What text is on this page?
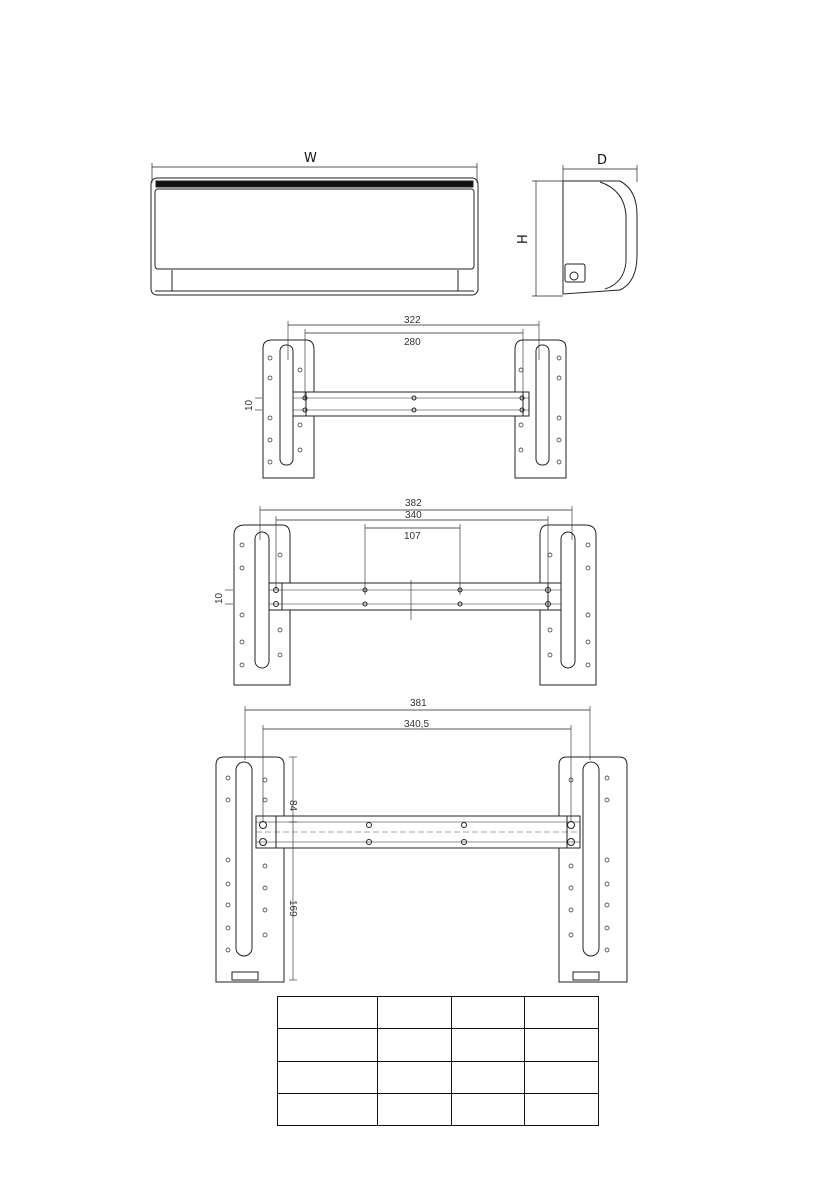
W	D
H
322
280
10
382
340
107
10
381
340,5
84
169
